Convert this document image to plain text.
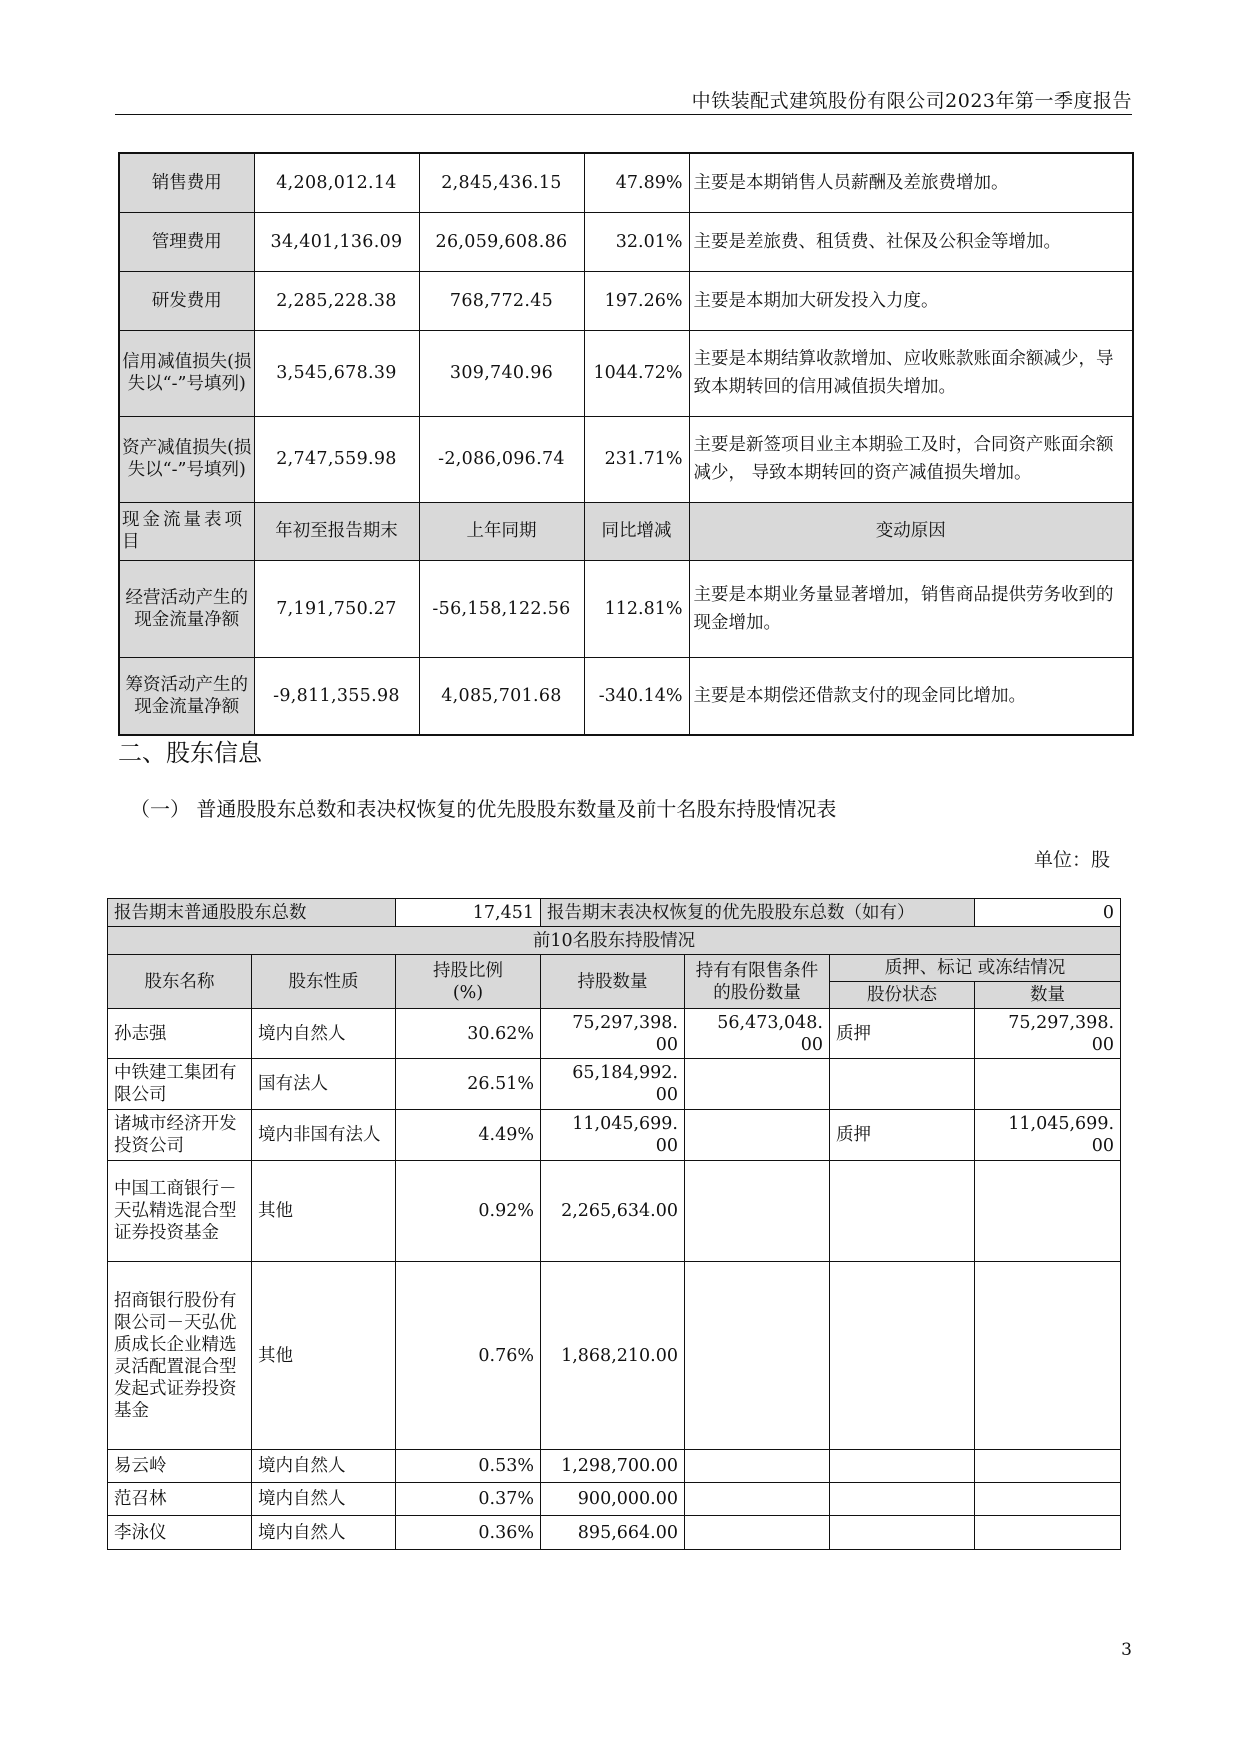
中铁装配式建筑股份有限公司2023年第一季度报告
销售费用	4,208,012.14	2,845,436.15	47.89%	主要是本期销售人员薪酬及差旅费增加。
管理费用	34,401,136.09	26,059,608.86	32.01%	主要是差旅费、租赁费、社保及公积金等增加。
研发费用	2,285,228.38	768,772.45	197.26%	主要是本期加大研发投入力度。
信用减值损失(损失以“-”号填列)	3,545,678.39	309,740.96	1044.72%	主要是本期结算收款增加、应收账款账面余额减少，导致本期转回的信用减值损失增加。
资产减值损失(损失以“-”号填列)	2,747,559.98	-2,086,096.74	231.71%	主要是新签项目业主本期验工及时，合同资产账面余额减少， 导致本期转回的资产减值损失增加。
现金流量表项目	年初至报告期末	上年同期	同比增减	变动原因
经营活动产生的现金流量净额	7,191,750.27	-56,158,122.56	112.81%	主要是本期业务量显著增加，销售商品提供劳务收到的现金增加。
筹资活动产生的现金流量净额	-9,811,355.98	4,085,701.68	-340.14%	主要是本期偿还借款支付的现金同比增加。
二、股东信息
（一） 普通股股东总数和表决权恢复的优先股股东数量及前十名股东持股情况表
单位：股
报告期末普通股股东总数		17,451	报告期末表决权恢复的优先股股东总数（如有）			0
前10名股东持股情况						
股东名称	股东性质	持股比例(%)	持股数量	持有有限售条件的股份数量	质押、标记 或冻结情况	
					股份状态	数量
孙志强	境内自然人	30.62%	75,297,398.00	56,473,048.00	质押	75,297,398.00
中铁建工集团有限公司	国有法人	26.51%	65,184,992.00			
诸城市经济开发投资公司	境内非国有法人	4.49%	11,045,699.00		质押	11,045,699.00
中国工商银行－天弘精选混合型证券投资基金	其他	0.92%	2,265,634.00			
招商银行股份有限公司－天弘优质成长企业精选灵活配置混合型发起式证券投资基金	其他	0.76%	1,868,210.00			
易云岭	境内自然人	0.53%	1,298,700.00			
范召林	境内自然人	0.37%	900,000.00			
李泳仪	境内自然人	0.36%	895,664.00			
3
